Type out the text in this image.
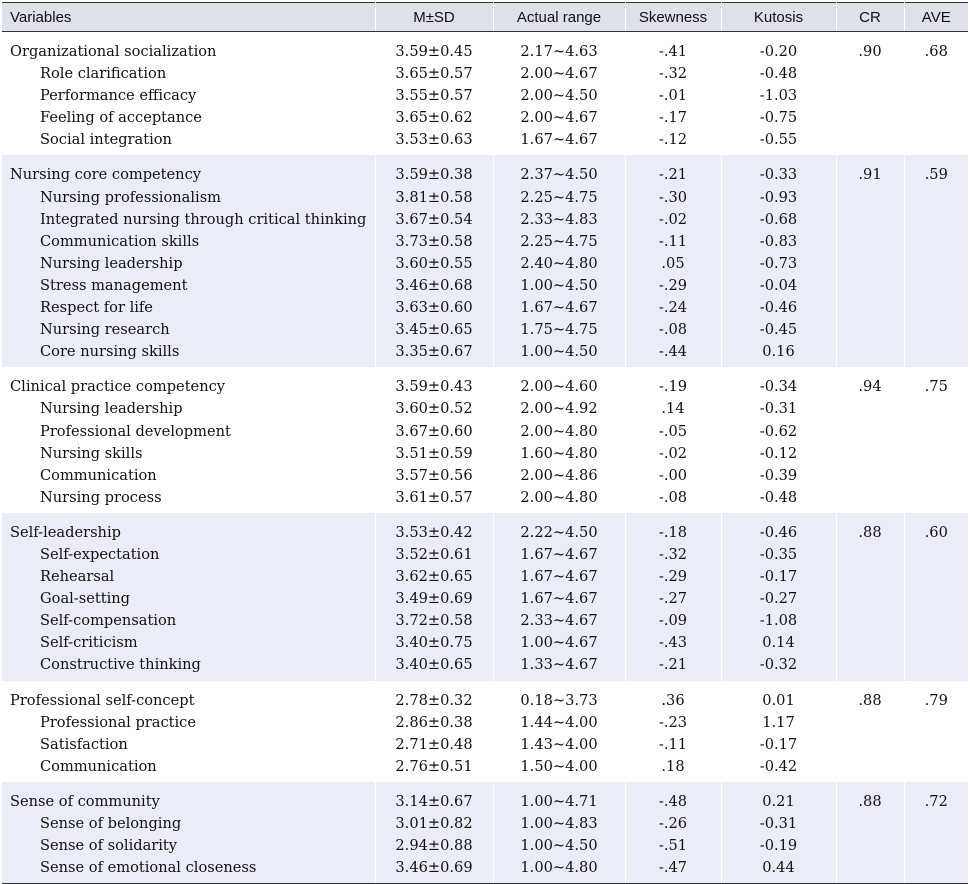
Variables	M±SD	Actual range	Skewness	Kutosis	CR	AVE
Organizational socialization	3.59±0.45	2.17~4.63	-.41	-0.20	.90	.68
Role clarification	3.65±0.57	2.00~4.67	-.32	-0.48		
Performance efficacy	3.55±0.57	2.00~4.50	-.01	-1.03		
Feeling of acceptance	3.65±0.62	2.00~4.67	-.17	-0.75		
Social integration	3.53±0.63	1.67~4.67	-.12	-0.55		
Nursing core competency	3.59±0.38	2.37~4.50	-.21	-0.33	.91	.59
Nursing professionalism	3.81±0.58	2.25~4.75	-.30	-0.93		
Integrated nursing through critical thinking	3.67±0.54	2.33~4.83	-.02	-0.68		
Communication skills	3.73±0.58	2.25~4.75	-.11	-0.83		
Nursing leadership	3.60±0.55	2.40~4.80	.05	-0.73		
Stress management	3.46±0.68	1.00~4.50	-.29	-0.04		
Respect for life	3.63±0.60	1.67~4.67	-.24	-0.46		
Nursing research	3.45±0.65	1.75~4.75	-.08	-0.45		
Core nursing skills	3.35±0.67	1.00~4.50	-.44	0.16		
Clinical practice competency	3.59±0.43	2.00~4.60	-.19	-0.34	.94	.75
Nursing leadership	3.60±0.52	2.00~4.92	.14	-0.31		
Professional development	3.67±0.60	2.00~4.80	-.05	-0.62		
Nursing skills	3.51±0.59	1.60~4.80	-.02	-0.12		
Communication	3.57±0.56	2.00~4.86	-.00	-0.39		
Nursing process	3.61±0.57	2.00~4.80	-.08	-0.48		
Self-leadership	3.53±0.42	2.22~4.50	-.18	-0.46	.88	.60
Self-expectation	3.52±0.61	1.67~4.67	-.32	-0.35		
Rehearsal	3.62±0.65	1.67~4.67	-.29	-0.17		
Goal-setting	3.49±0.69	1.67~4.67	-.27	-0.27		
Self-compensation	3.72±0.58	2.33~4.67	-.09	-1.08		
Self-criticism	3.40±0.75	1.00~4.67	-.43	0.14		
Constructive thinking	3.40±0.65	1.33~4.67	-.21	-0.32		
Professional self-concept	2.78±0.32	0.18~3.73	.36	0.01	.88	.79
Professional practice	2.86±0.38	1.44~4.00	-.23	1.17		
Satisfaction	2.71±0.48	1.43~4.00	-.11	-0.17		
Communication	2.76±0.51	1.50~4.00	.18	-0.42		
Sense of community	3.14±0.67	1.00~4.71	-.48	0.21	.88	.72
Sense of belonging	3.01±0.82	1.00~4.83	-.26	-0.31		
Sense of solidarity	2.94±0.88	1.00~4.50	-.51	-0.19		
Sense of emotional closeness	3.46±0.69	1.00~4.80	-.47	0.44		
